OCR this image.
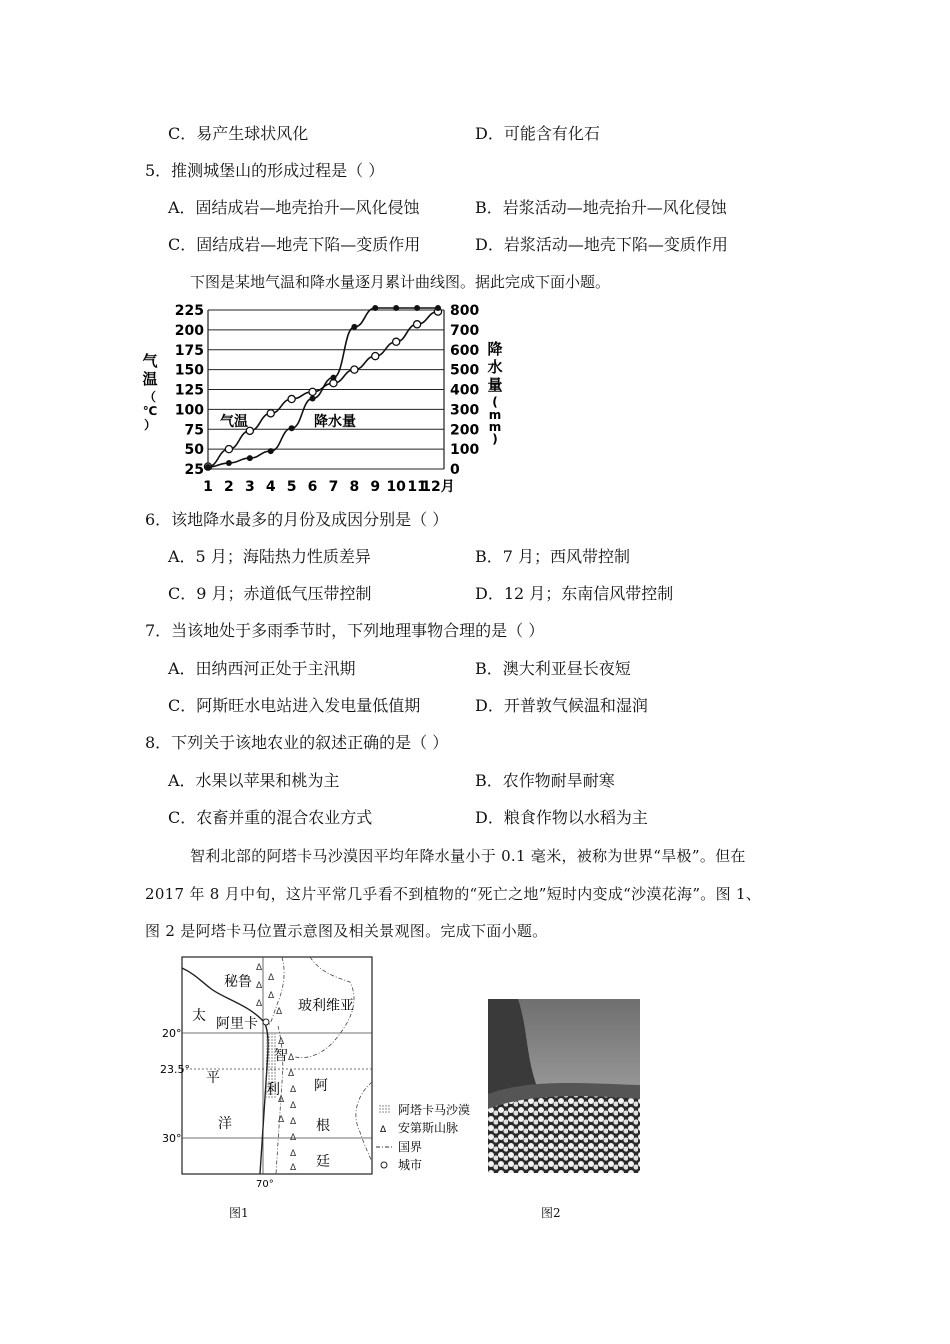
C．易产生球状风化	D．可能含有化石
5．推测城堡山的形成过程是（ ）
A．固结成岩—地壳抬升—风化侵蚀	B．岩浆活动—地壳抬升—风化侵蚀
C．固结成岩—地壳下陷—变质作用	D．岩浆活动—地壳下陷—变质作用
下图是某地气温和降水量逐月累计曲线图。据此完成下面小题。
25
50
75
100
125
150
175
200
225
0
100
200
300
400
500
600
700
800
1 2 3 4 5 6 7 8 9 10 11
12月
气
温
（
℃
）
降
水
量
(
m
m
)
气温	降水量
6．该地降水最多的月份及成因分别是（ ）
A．5 月；海陆热力性质差异	B．7 月；西风带控制
C．9 月；赤道低气压带控制	D．12 月；东南信风带控制
7．当该地处于多雨季节时，下列地理事物合理的是（ ）
A．田纳西河正处于主汛期	B．澳大利亚昼长夜短
C．阿斯旺水电站进入发电量低值期	D．开普敦气候温和湿润
8．下列关于该地农业的叙述正确的是（ ）
A．水果以苹果和桃为主	B．农作物耐旱耐寒
C．农畜并重的混合农业方式	D．粮食作物以水稻为主
智利北部的阿塔卡马沙漠因平均年降水量小于 0.1 毫米，被称为世界“旱极”。但在
2017 年 8 月中旬，这片平常几乎看不到植物的“死亡之地”短时内变成“沙漠花海”。图 1、
图 2 是阿塔卡马位置示意图及相关景观图。完成下面小题。
ᐃ
ᐃ
ᐃ
ᐃ
ᐃ
ᐃ
ᐃ
ᐃ
ᐃ
ᐃ
ᐃ
ᐃ
ᐃ
ᐃ
ᐃ
ᐃ
ᐃ
秘鲁
玻利维亚
阿里卡
太
平
洋
智
利 阿
根
廷
20°
23.5°
30°
70°
阿塔卡马沙漠
ᐃ 安第斯山脉
国界
城市
图1	图2
